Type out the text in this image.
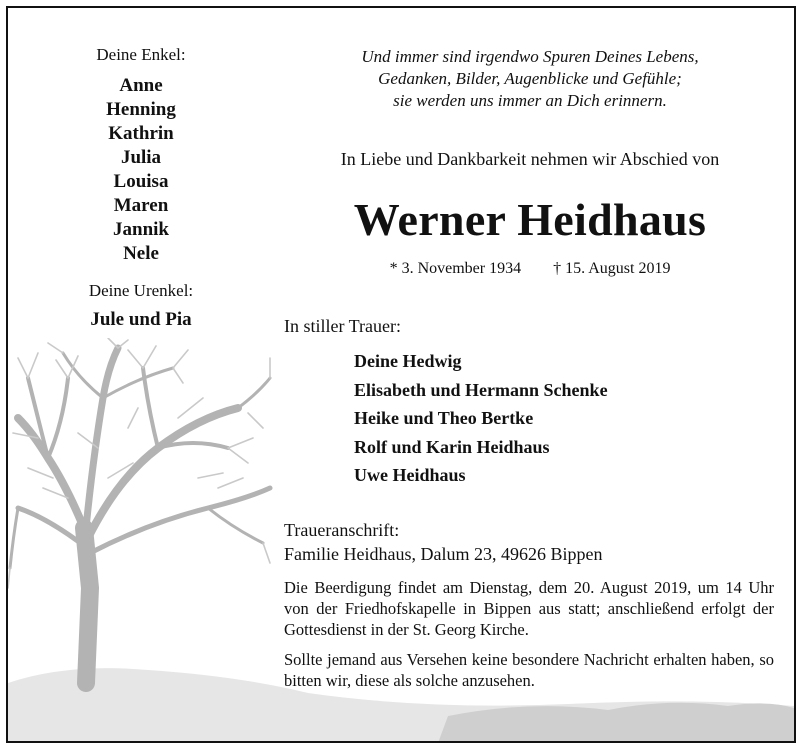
Deine Enkel:
Anne
Henning
Kathrin
Julia
Louisa
Maren
Jannik
Nele
Deine Urenkel:
Jule und Pia
Und immer sind irgendwo Spuren Deines Lebens,
Gedanken, Bilder, Augenblicke und Gefühle;
sie werden uns immer an Dich erinnern.
In Liebe und Dankbarkeit nehmen wir Abschied von
Werner Heidhaus
* 3. November 1934 † 15. August 2019
In stiller Trauer:
Deine Hedwig
Elisabeth und Hermann Schenke
Heike und Theo Bertke
Rolf und Karin Heidhaus
Uwe Heidhaus
Traueranschrift:
Familie Heidhaus, Dalum 23, 49626 Bippen
Die Beerdigung findet am Dienstag, dem 20. August 2019, um 14 Uhr von der Friedhofskapelle in Bippen aus statt; anschließend erfolgt der Gottesdienst in der St. Georg Kirche.
Sollte jemand aus Versehen keine besondere Nachricht erhalten haben, so bitten wir, diese als solche anzusehen.
